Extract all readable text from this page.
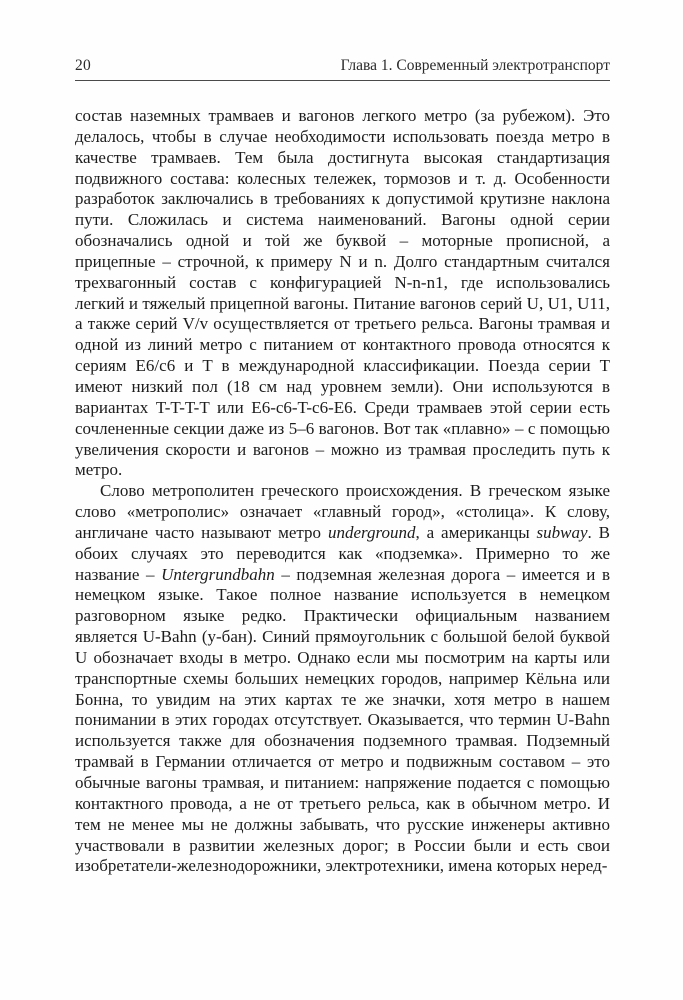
20	Глава 1. Современный электротранспорт

состав наземных трамваев и вагонов легкого метро (за рубежом). Это делалось, чтобы в случае необходимости использовать поезда метро в качестве трамваев. Тем была достигнута высокая стандартизация подвижного состава: колесных тележек, тормозов и т. д. Особенности разработок заключались в требованиях к допустимой крутизне наклона пути. Сложилась и система наименований. Вагоны одной серии обозначались одной и той же буквой – моторные прописной, а прицепные – строчной, к примеру N и n. Долго стандартным считался трехвагонный состав с конфигурацией N-n-n1, где использовались легкий и тяжелый прицепной вагоны. Питание вагонов серий U, U1, U11, а также серий V/v осуществляется от третьего рельса. Вагоны трамвая и одной из линий метро с питанием от контактного провода относятся к сериям E6/с6 и T в международной классификации. Поезда серии T имеют низкий пол (18 см над уровнем земли). Они используются в вариантах T-T-T-T или E6-с6-T-с6-E6. Среди трамваев этой серии есть сочлененные секции даже из 5–6 вагонов. Вот так «плавно» – с помощью увеличения скорости и вагонов – можно из трамвая проследить путь к метро.

Слово метрополитен греческого происхождения. В греческом языке слово «метрополис» означает «главный город», «столица». К слову, англичане часто называют метро underground, а американцы subway. В обоих случаях это переводится как «подземка». Примерно то же название – Untergrundbahn – подземная железная дорога – имеется и в немецком языке. Такое полное название используется в немецком разговорном языке редко. Практически официальным названием является U-Bahn (у-бан). Синий прямоугольник с большой белой буквой U обозначает входы в метро. Однако если мы посмотрим на карты или транспортные схемы больших немецких городов, например Кёльна или Бонна, то увидим на этих картах те же значки, хотя метро в нашем понимании в этих городах отсутствует. Оказывается, что термин U-Bahn используется также для обозначения подземного трамвая. Подземный трамвай в Германии отличается от метро и подвижным составом – это обычные вагоны трамвая, и питанием: напряжение подается с помощью контактного провода, а не от третьего рельса, как в обычном метро. И тем не менее мы не должны забывать, что русские инженеры активно участвовали в развитии железных дорог; в России были и есть свои изобретатели-железнодорожники, электротехники, имена которых неред-
